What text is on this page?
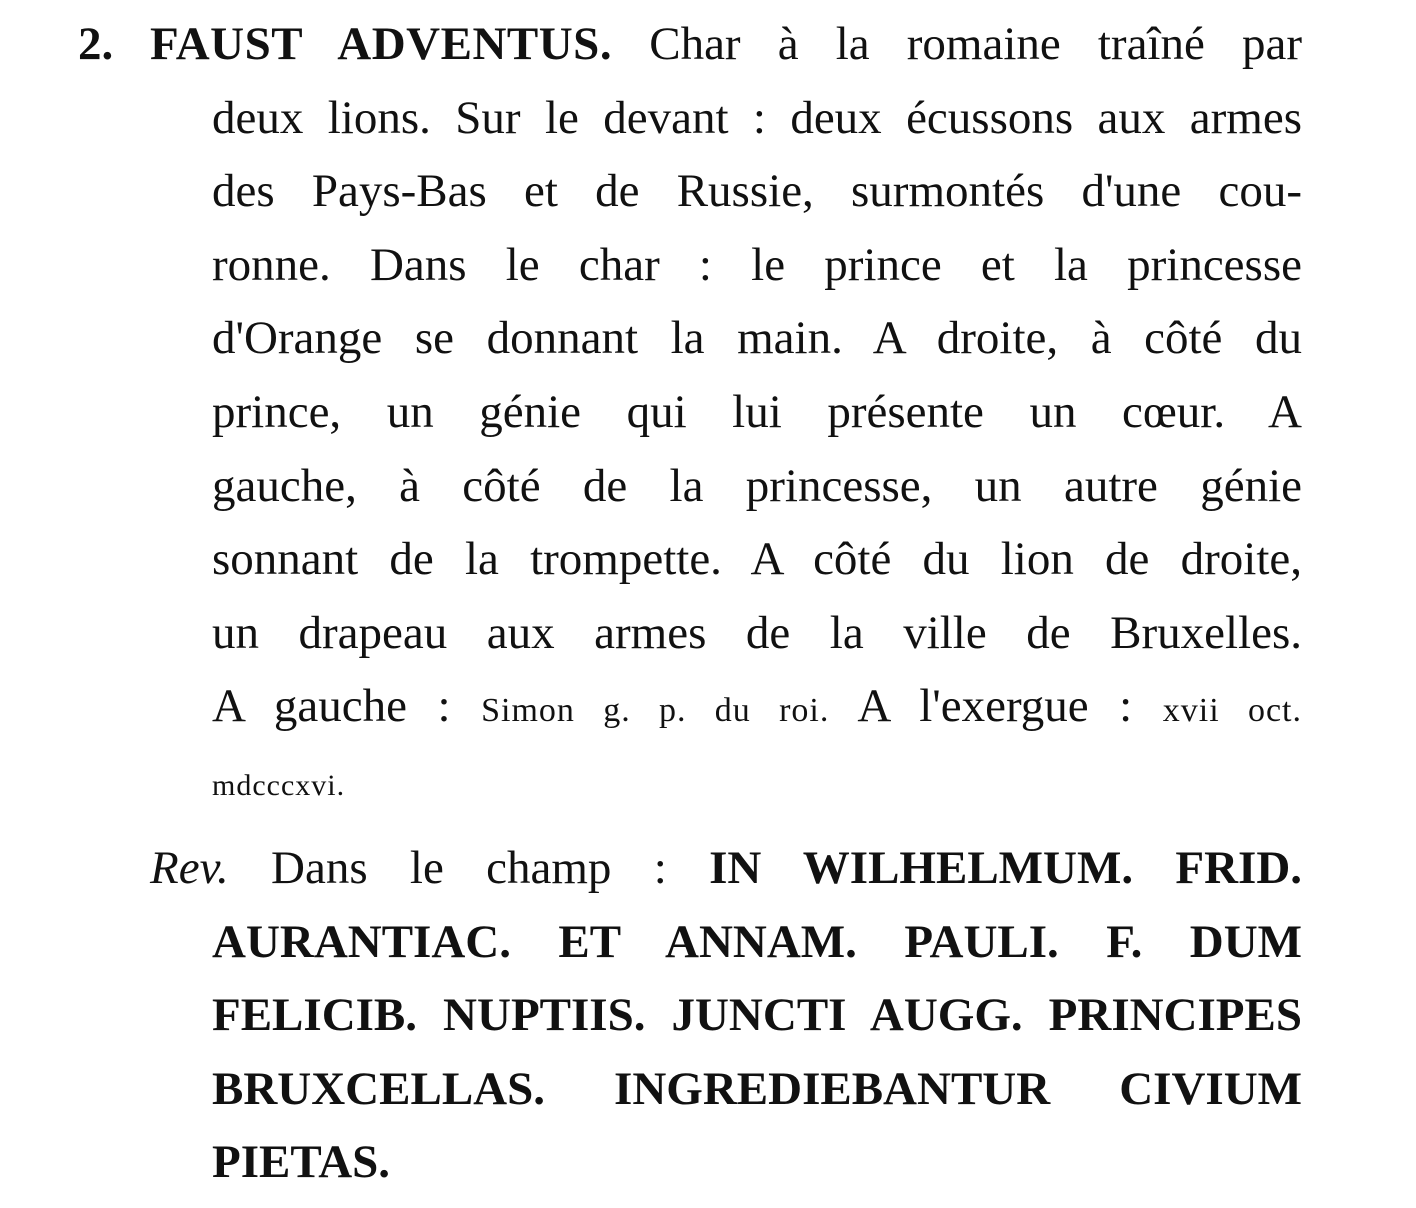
2. FAUST ADVENTUS. Char à la romaine traîné par
deux lions. Sur le devant : deux écussons aux armes
des Pays-Bas et de Russie, surmontés d'une cou-
ronne. Dans le char : le prince et la princesse
d'Orange se donnant la main. A droite, à côté du
prince, un génie qui lui présente un cœur. A
gauche, à côté de la princesse, un autre génie
sonnant de la trompette. A côté du lion de droite,
un drapeau aux armes de la ville de Bruxelles.
A gauche : Simon g. p. du roi. A l'exergue : xvii oct.
mdcccxvi.
Rev. Dans le champ : IN WILHELMUM. FRID.
AURANTIAC. ET ANNAM. PAULI. F. DUM
FELICIB. NUPTIIS. JUNCTI AUGG. PRINCIPES
BRUXCELLAS. INGREDIEBANTUR CIVIUM
PIETAS.
